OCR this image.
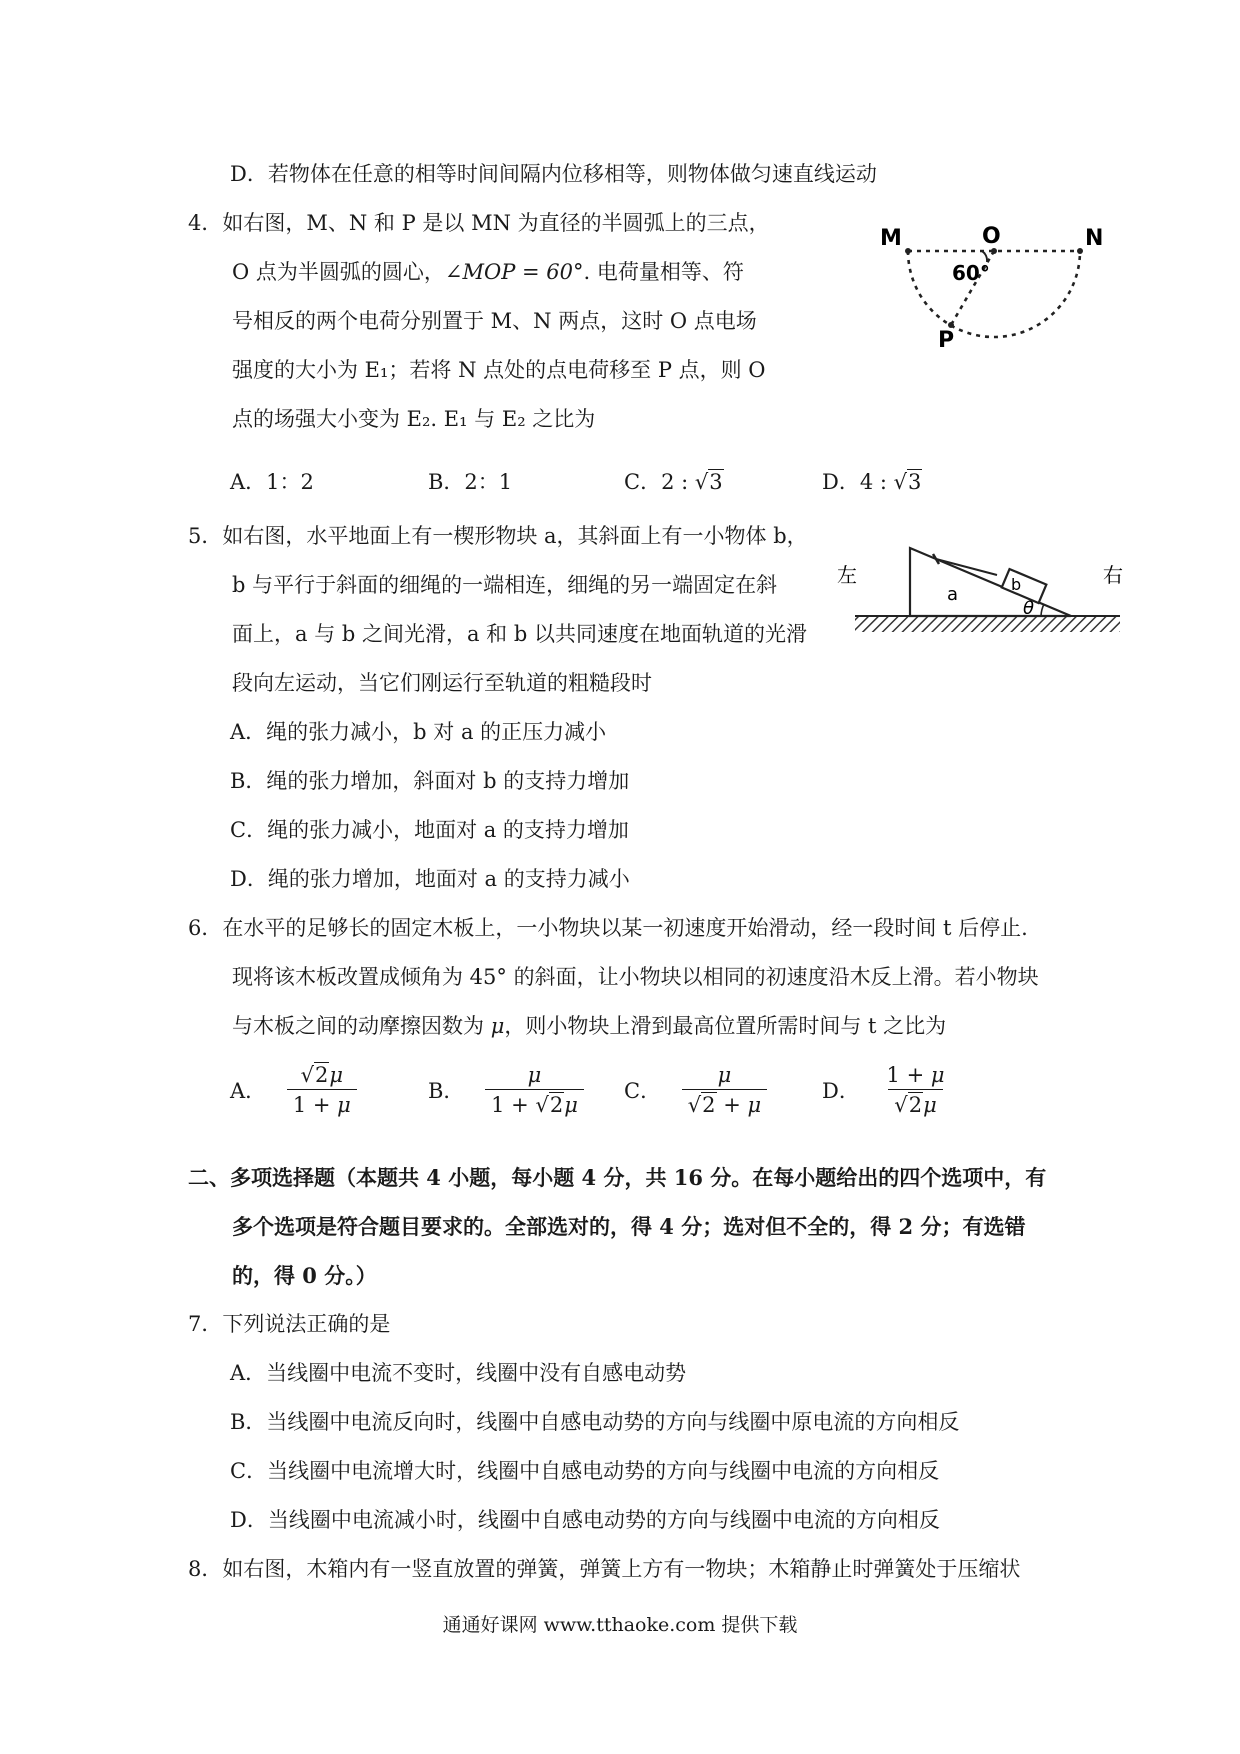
D．若物体在任意的相等时间间隔内位移相等，则物体做匀速直线运动
4．如右图，M、N 和 P 是以 MN 为直径的半圆弧上的三点，
O 点为半圆弧的圆心，∠MOP = 60°. 电荷量相等、符
号相反的两个电荷分别置于 M、N 两点，这时 O 点电场
强度的大小为 E₁；若将 N 点处的点电荷移至 P 点，则 O
点的场强大小变为 E₂. E₁ 与 E₂ 之比为
A．1：2	B．2：1	C．2 : √3	D．4 : √3
M	O	N
P
60°
5．如右图，水平地面上有一楔形物块 a，其斜面上有一小物体 b，
b 与平行于斜面的细绳的一端相连，细绳的另一端固定在斜
面上，a 与 b 之间光滑，a 和 b 以共同速度在地面轨道的光滑
段向左运动，当它们刚运行至轨道的粗糙段时
A．绳的张力减小，b 对 a 的正压力减小
B．绳的张力增加，斜面对 b 的支持力增加
C．绳的张力减小，地面对 a 的支持力增加
D．绳的张力增加，地面对 a 的支持力减小
左	右
a	b
θ
6．在水平的足够长的固定木板上，一小物块以某一初速度开始滑动，经一段时间 t 后停止.
现将该木板改置成倾角为 45° 的斜面，让小物块以相同的初速度沿木反上滑。若小物块
与木板之间的动摩擦因数为 μ，则小物块上滑到最高位置所需时间与 t 之比为
A． $\frac{√2\mu}{1 + \mu}$	B． $\frac{\mu}{1 + √2\mu}$ C． $\frac{\mu}{√2 + \mu}$	D． $\frac{1 + \mu}{√2\mu}$
二、多项选择题（本题共 4 小题，每小题 4 分，共 16 分。在每小题给出的四个选项中，有
多个选项是符合题目要求的。全部选对的，得 4 分；选对但不全的，得 2 分；有选错
的，得 0 分。）
7．下列说法正确的是
A．当线圈中电流不变时，线圈中没有自感电动势
B．当线圈中电流反向时，线圈中自感电动势的方向与线圈中原电流的方向相反
C．当线圈中电流增大时，线圈中自感电动势的方向与线圈中电流的方向相反
D．当线圈中电流减小时，线圈中自感电动势的方向与线圈中电流的方向相反
8．如右图，木箱内有一竖直放置的弹簧，弹簧上方有一物块；木箱静止时弹簧处于压缩状
通通好课网 www.tthaoke.com 提供下载
